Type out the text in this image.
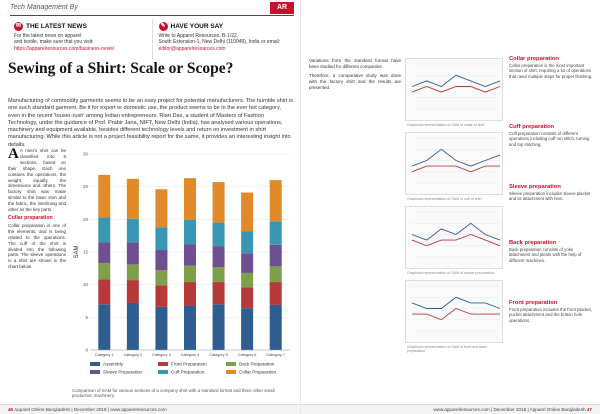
Tech Management By	AR
✉ THE LATEST NEWS
For the latest news on apparel
and textile, make sure that you visit:
https://apparelresources.com/business-news/
✎ HAVE YOUR SAY
Write to Apparel Resources, B-1/22,
South Extension-1, New Delhi (110049), India or email:
editor@apparelresources.com
Sewing of a Shirt: Scale or Scope?
Manufacturing of commodity garments seems to be an easy project for potential manufacturers. The humble shirt is one such standard garment. Be it for export or domestic use, the product seems to be in the ever hot category, even in the recent 'touser-rush' among Indian entrepreneurs. Rian Das, a student of Masters of Fashion Technology, under the guidance of Prof. Prabir Jana, NIFT, New Delhi (India), has analysed various operations, machinery and equipment available, besides different technology levels and return on investment in shirt manufacturing. While this article is not a project feasibility report for the same, it provides an interesting insight into details.

A A men's shirt can be classified into 6 sections, based on their shape. Each one contains the operations, the weight, equally, the dimensions and others. The factory shirt was made similar to the basic shirt and the fabric, the interlining and other as the key parts.

Collar preparation

Collar preparation is one of the elements, and is being related to the operations. The cuff of the shirt is divided into the following parts. The sleeve operations in a shirt are shown in the chart below.

0
5
10
15
20
25
30
SAM
Category 1	Category 2	Category 3	Category 4	Category 5	Category 6	Category 7
Assembly	Front Preparation	Back Preparation
Sleeve Preparation	Cuff Preparation	Collar Preparation
Comparison of SAM for various sections of a company shirt with a standard format and three other small production machinery.
46 Apparel Online Bangladesh | December 2018 | www.apparelresources.com

Variations from the standard format have been studied for different companies.

Therefore, a comparative study was done with the factory shirt and the results are presented.

Graphical representation of SAM of collar of shirt
Graphical representation of SAM of cuff of shirt
Graphical representation of SAM of sleeve preparation
Graphical representation of SAM of front and back preparation
Collar preparation
Collar preparation is the most important section of shirt, requiring a lot of operations that need multiple steps for proper finishing.
Cuff preparation
Cuff preparation consists of different operations including cuff run stitch, turning and top stitching.
Sleeve preparation
Sleeve preparation includes sleeve placket and its attachment with hem.
Back preparation
Back preparation consists of yoke attachment and pleats with the help of different machines.
Front preparation
Front preparation includes the front placket, pocket attachment and the button hole operations.
www.apparelresources.com | December 2018 | Apparel Online Bangladesh 47
